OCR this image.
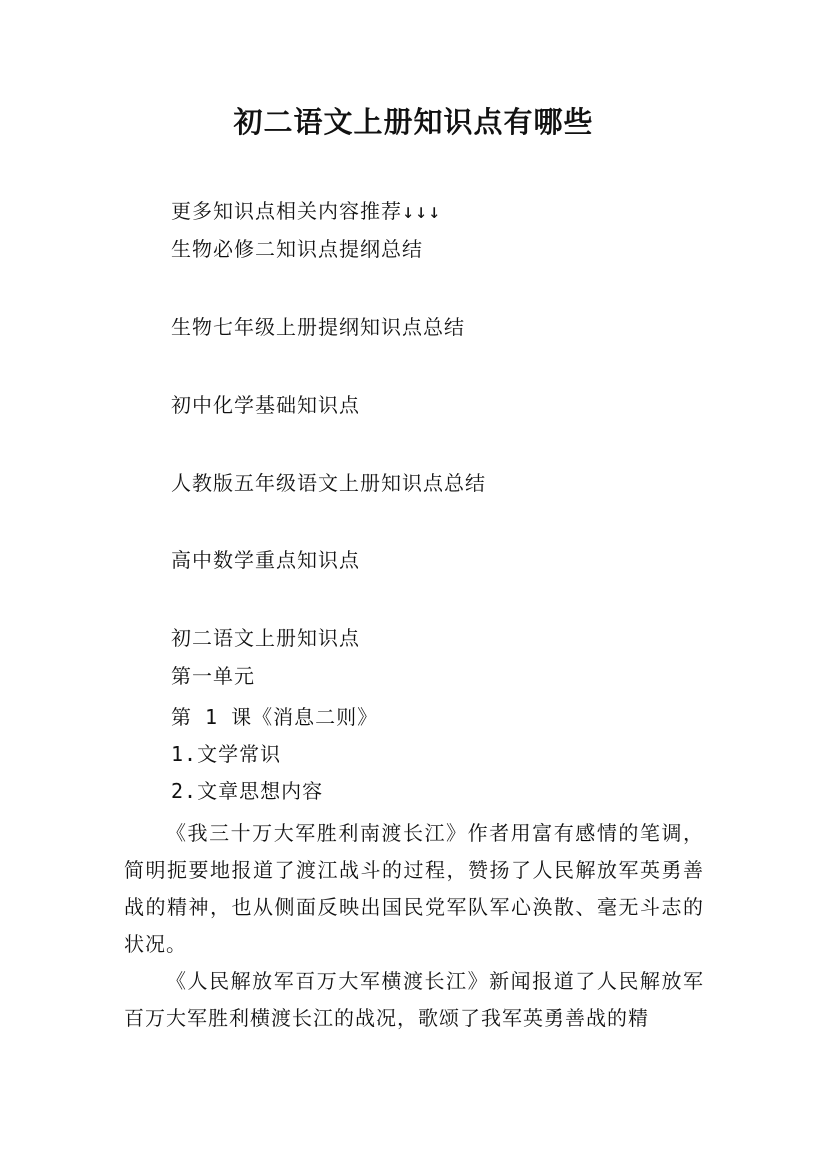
初二语文上册知识点有哪些
更多知识点相关内容推荐↓↓↓
生物必修二知识点提纲总结
生物七年级上册提纲知识点总结
初中化学基础知识点
人教版五年级语文上册知识点总结
高中数学重点知识点
初二语文上册知识点
第一单元
第 1 课《消息二则》
1.文学常识
2.文章思想内容

《我三十万大军胜利南渡长江》作者用富有感情的笔调，简明扼要地报道了渡江战斗的过程，赞扬了人民解放军英勇善战的精神，也从侧面反映出国民党军队军心涣散、毫无斗志的状况。

《人民解放军百万大军横渡长江》新闻报道了人民解放军百万大军胜利横渡长江的战况，歌颂了我军英勇善战的精
